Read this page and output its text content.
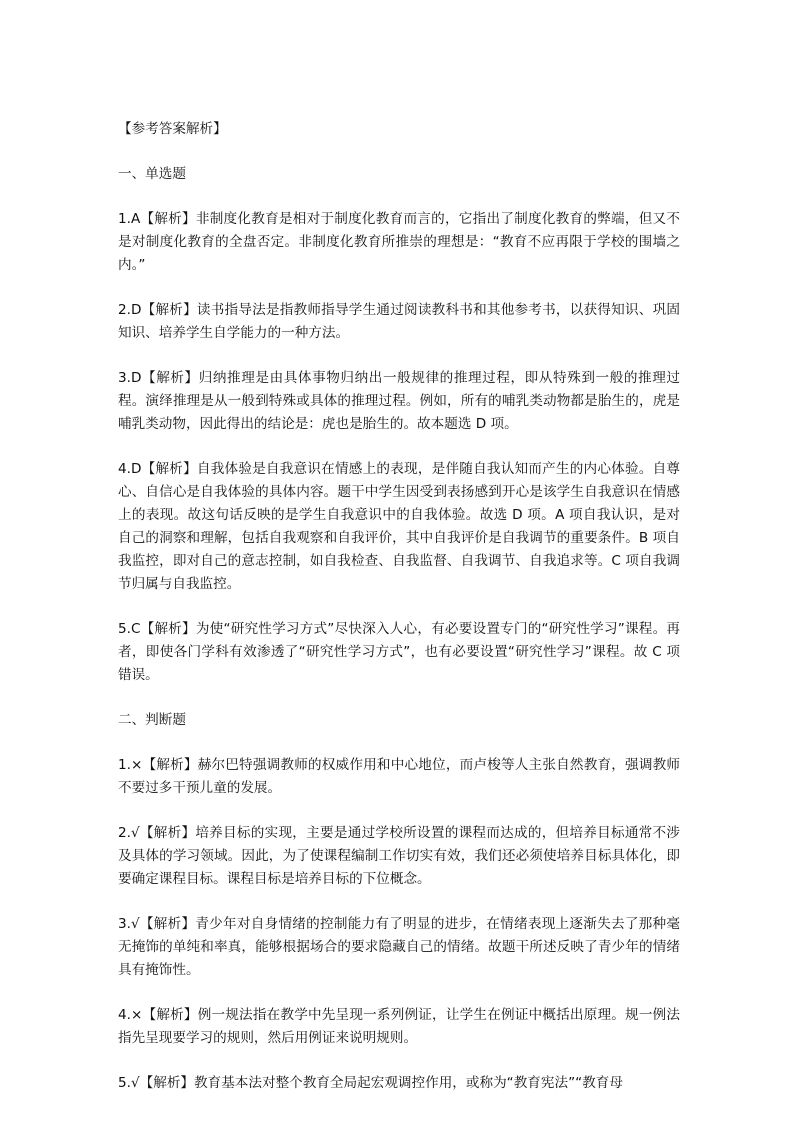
【参考答案解析】

一、单选题

1.A【解析】非制度化教育是相对于制度化教育而言的，它指出了制度化教育的弊端，但又不是对制度化教育的全盘否定。非制度化教育所推崇的理想是：“教育不应再限于学校的围墙之内。”

2.D【解析】读书指导法是指教师指导学生通过阅读教科书和其他参考书，以获得知识、巩固知识、培养学生自学能力的一种方法。

3.D【解析】归纳推理是由具体事物归纳出一般规律的推理过程，即从特殊到一般的推理过程。演绎推理是从一般到特殊或具体的推理过程。例如，所有的哺乳类动物都是胎生的，虎是哺乳类动物，因此得出的结论是：虎也是胎生的。故本题选 D 项。

4.D【解析】自我体验是自我意识在情感上的表现，是伴随自我认知而产生的内心体验。自尊心、自信心是自我体验的具体内容。题干中学生因受到表扬感到开心是该学生自我意识在情感上的表现。故这句话反映的是学生自我意识中的自我体验。故选 D 项。A 项自我认识，是对自己的洞察和理解，包括自我观察和自我评价，其中自我评价是自我调节的重要条件。B 项自我监控，即对自己的意志控制，如自我检查、自我监督、自我调节、自我追求等。C 项自我调节归属与自我监控。

5.C【解析】为使“研究性学习方式”尽快深入人心，有必要设置专门的“研究性学习”课程。再者，即使各门学科有效渗透了“研究性学习方式”，也有必要设置“研究性学习”课程。故 C 项错误。

二、判断题

1.×【解析】赫尔巴特强调教师的权威作用和中心地位，而卢梭等人主张自然教育，强调教师不要过多干预儿童的发展。

2.√【解析】培养目标的实现，主要是通过学校所设置的课程而达成的，但培养目标通常不涉及具体的学习领域。因此，为了使课程编制工作切实有效，我们还必须使培养目标具体化，即要确定课程目标。课程目标是培养目标的下位概念。

3.√【解析】青少年对自身情绪的控制能力有了明显的进步，在情绪表现上逐渐失去了那种毫无掩饰的单纯和率真，能够根据场合的要求隐藏自己的情绪。故题干所述反映了青少年的情绪具有掩饰性。

4.×【解析】例一规法指在教学中先呈现一系列例证，让学生在例证中概括出原理。规一例法指先呈现要学习的规则，然后用例证来说明规则。

5.√【解析】教育基本法对整个教育全局起宏观调控作用，或称为“教育宪法”“教育母
